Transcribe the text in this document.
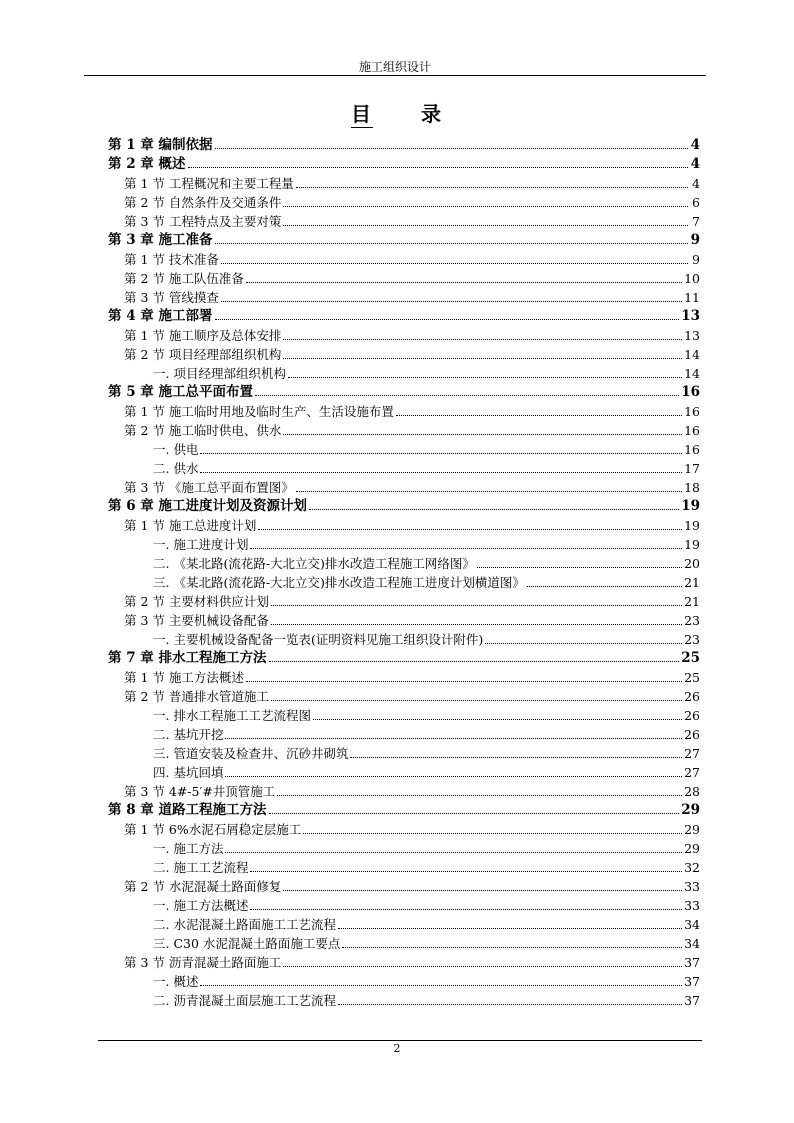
施工组织设计
目 录
第 1 章 编制依据	4
第 2 章 概述	4
第 1 节 工程概况和主要工程量	4
第 2 节 自然条件及交通条件	6
第 3 节 工程特点及主要对策	7
第 3 章 施工准备	9
第 1 节 技术准备	9
第 2 节 施工队伍准备	10
第 3 节 管线摸查	11
第 4 章 施工部署	13
第 1 节 施工顺序及总体安排	13
第 2 节 项目经理部组织机构	14
一. 项目经理部组织机构	14
第 5 章 施工总平面布置	16
第 1 节 施工临时用地及临时生产、生活设施布置	16
第 2 节 施工临时供电、供水	16
一. 供电	16
二. 供水	17
第 3 节 《施工总平面布置图》	18
第 6 章 施工进度计划及资源计划	19
第 1 节 施工总进度计划	19
一. 施工进度计划	19
二. 《某北路(流花路-大北立交)排水改造工程施工网络图》	20
三. 《某北路(流花路-大北立交)排水改造工程施工进度计划横道图》	21
第 2 节 主要材料供应计划	21
第 3 节 主要机械设备配备	23
一. 主要机械设备配备一览表(证明资料见施工组织设计附件)	23
第 7 章 排水工程施工方法	25
第 1 节 施工方法概述	25
第 2 节 普通排水管道施工	26
一. 排水工程施工工艺流程图	26
二. 基坑开挖	26
三. 管道安装及检查井、沉砂井砌筑	27
四. 基坑回填	27
第 3 节 4#-5′#井顶管施工	28
第 8 章 道路工程施工方法	29
第 1 节 6%水泥石屑稳定层施工	29
一. 施工方法	29
二. 施工工艺流程	32
第 2 节 水泥混凝土路面修复	33
一. 施工方法概述	33
二. 水泥混凝土路面施工工艺流程	34
三. C30 水泥混凝土路面施工要点	34
第 3 节 沥青混凝土路面施工	37
一. 概述	37
二. 沥青混凝土面层施工工艺流程	37
2
